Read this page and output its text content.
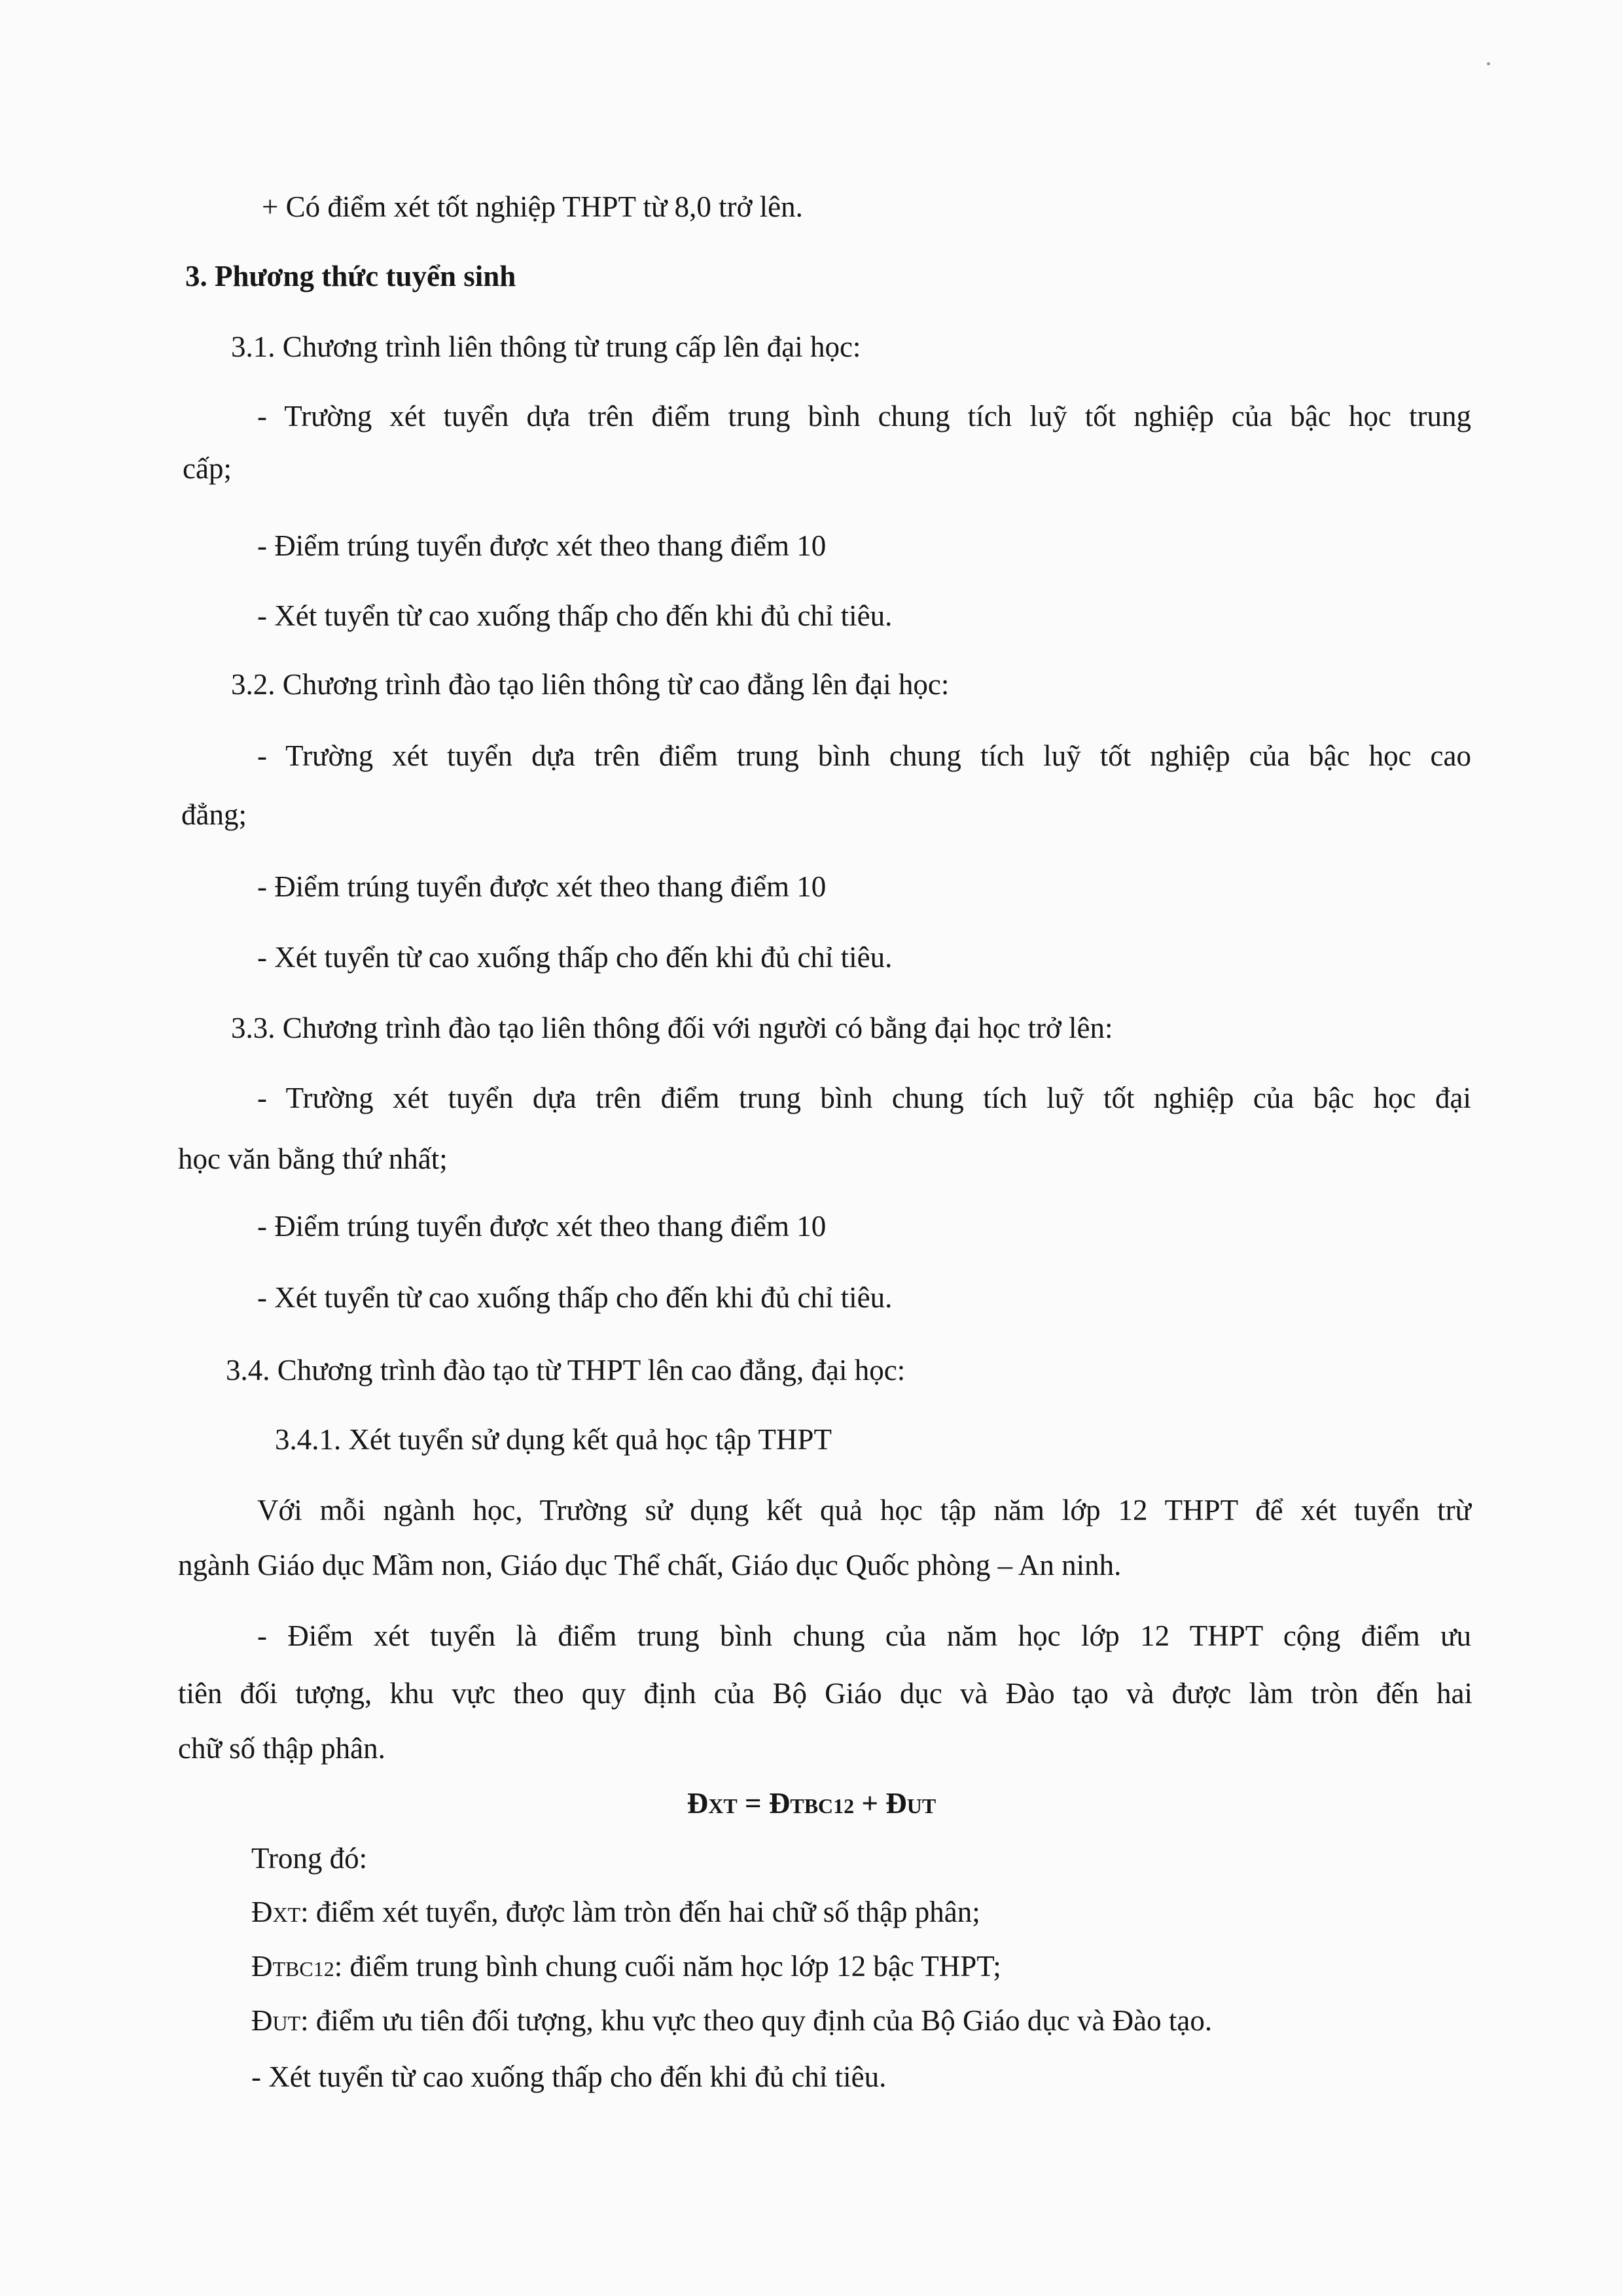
+ Có điểm xét tốt nghiệp THPT từ 8,0 trở lên.
3. Phương thức tuyển sinh
3.1. Chương trình liên thông từ trung cấp lên đại học:
- Trường xét tuyển dựa trên điểm trung bình chung tích luỹ tốt nghiệp của bậc học trung
cấp;
- Điểm trúng tuyển được xét theo thang điểm 10
- Xét tuyển từ cao xuống thấp cho đến khi đủ chỉ tiêu.
3.2. Chương trình đào tạo liên thông từ cao đẳng lên đại học:
- Trường xét tuyển dựa trên điểm trung bình chung tích luỹ tốt nghiệp của bậc học cao
đẳng;
- Điểm trúng tuyển được xét theo thang điểm 10
- Xét tuyển từ cao xuống thấp cho đến khi đủ chỉ tiêu.
3.3. Chương trình đào tạo liên thông đối với người có bằng đại học trở lên:
- Trường xét tuyển dựa trên điểm trung bình chung tích luỹ tốt nghiệp của bậc học đại
học văn bằng thứ nhất;
- Điểm trúng tuyển được xét theo thang điểm 10
- Xét tuyển từ cao xuống thấp cho đến khi đủ chỉ tiêu.
3.4. Chương trình đào tạo từ THPT lên cao đẳng, đại học:
3.4.1. Xét tuyển sử dụng kết quả học tập THPT
Với mỗi ngành học, Trường sử dụng kết quả học tập năm lớp 12 THPT để xét tuyển trừ
ngành Giáo dục Mầm non, Giáo dục Thể chất, Giáo dục Quốc phòng – An ninh.
- Điểm xét tuyển là điểm trung bình chung của năm học lớp 12 THPT cộng điểm ưu
tiên đối tượng, khu vực theo quy định của Bộ Giáo dục và Đào tạo và được làm tròn đến hai
chữ số thập phân.
ĐXT = ĐTBC12 + ĐUT
Trong đó:
ĐXT: điểm xét tuyển, được làm tròn đến hai chữ số thập phân;
ĐTBC12: điểm trung bình chung cuối năm học lớp 12 bậc THPT;
ĐUT: điểm ưu tiên đối tượng, khu vực theo quy định của Bộ Giáo dục và Đào tạo.
- Xét tuyển từ cao xuống thấp cho đến khi đủ chỉ tiêu.
